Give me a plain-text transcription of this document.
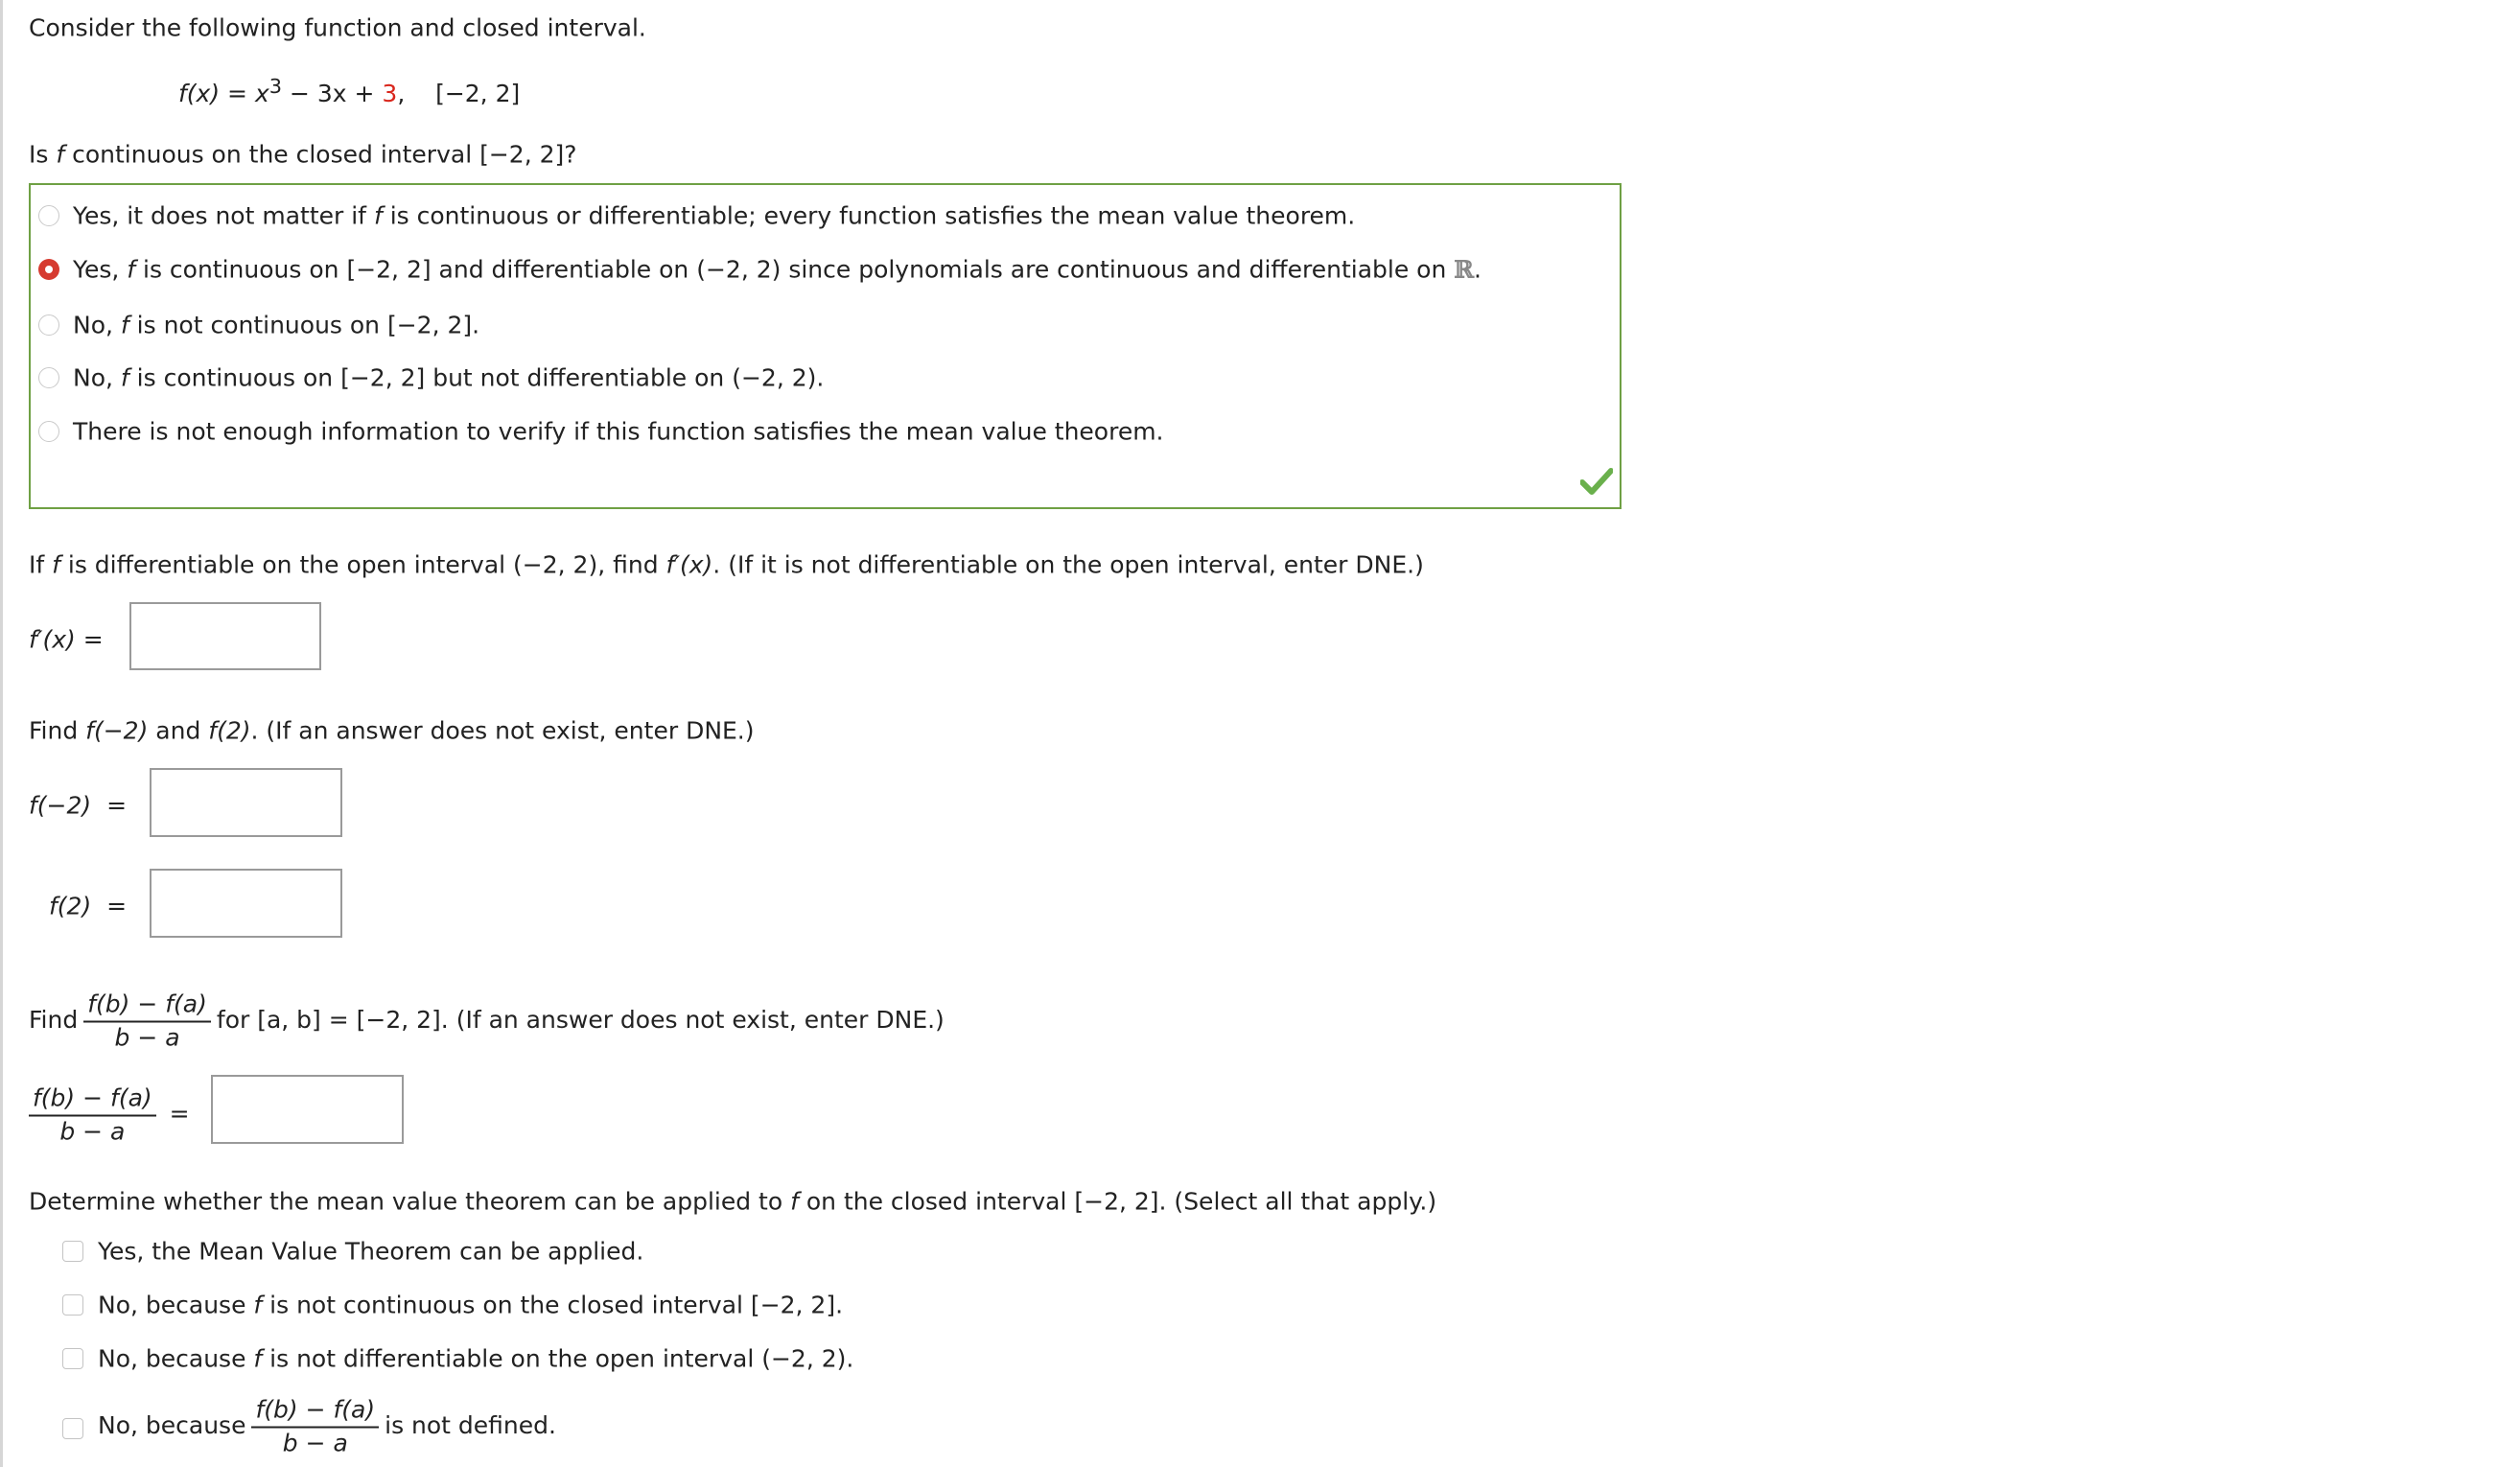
Consider the following function and closed interval.
$f(x) = x^3 - 3x + 3$, [−2, 2]
Is f continuous on the closed interval [−2, 2]?
Yes, it does not matter if f is continuous or differentiable; every function satisfies the mean value theorem.
Yes, f is continuous on [−2, 2] and differentiable on (−2, 2) since polynomials are continuous and differentiable on ℝ.
No, f is not continuous on [−2, 2].
No, f is continuous on [−2, 2] but not differentiable on (−2, 2).
There is not enough information to verify if this function satisfies the mean value theorem.
If f is differentiable on the open interval (−2, 2), find f′(x). (If it is not differentiable on the open interval, enter DNE.)
f′(x) =
Find f(−2) and f(2). (If an answer does not exist, enter DNE.)
f(−2) =
f(2) =
Find $\frac{f(b) - f(a)}{b - a}$ for [a, b] = [−2, 2]. (If an answer does not exist, enter DNE.)
$\frac{f(b) - f(a)}{b - a}$ =
Determine whether the mean value theorem can be applied to f on the closed interval [−2, 2]. (Select all that apply.)
Yes, the Mean Value Theorem can be applied.
No, because f is not continuous on the closed interval [−2, 2].
No, because f is not differentiable on the open interval (−2, 2).
No, because $\frac{f(b) - f(a)}{b - a}$ is not defined.
